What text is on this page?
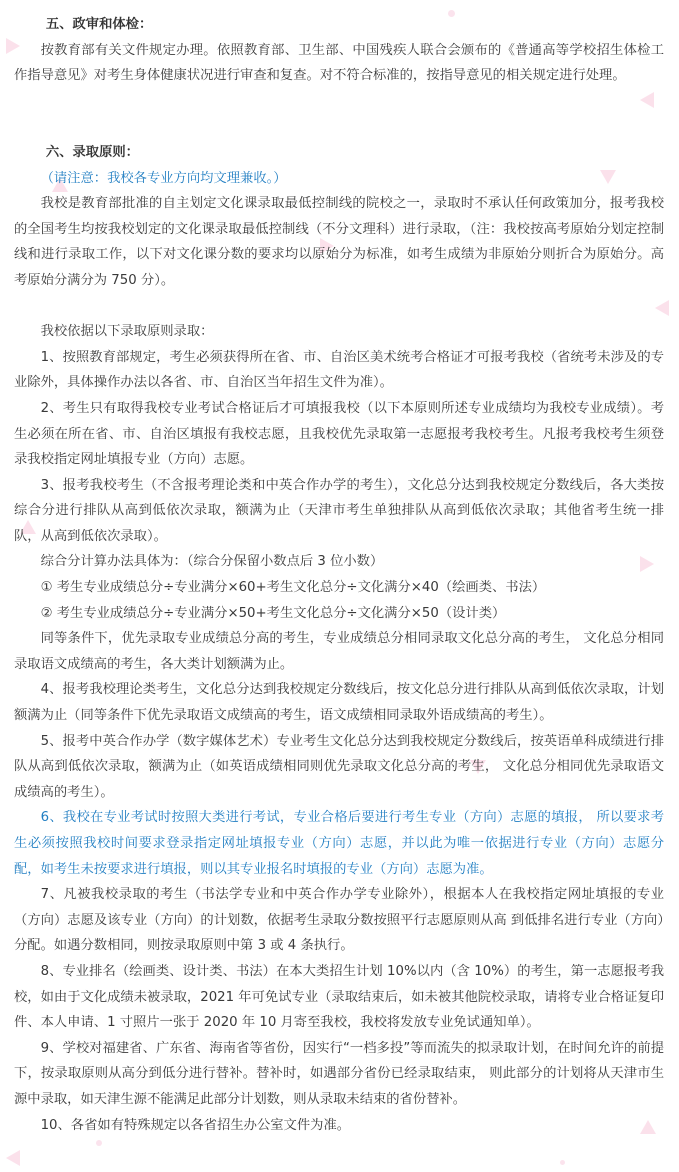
五、政审和体检：

按教育部有关文件规定办理。依照教育部、卫生部、中国残疾人联合会颁布的《普通高等学校招生体检工作指导意见》对考生身体健康状况进行审查和复查。对不符合标准的，按指导意见的相关规定进行处理。

六、录取原则：

（请注意：我校各专业方向均文理兼收。）

我校是教育部批准的自主划定文化课录取最低控制线的院校之一，录取时不承认任何政策加分，报考我校的全国考生均按我校划定的文化课录取最低控制线（不分文理科）进行录取，（注：我校按高考原始分划定控制线和进行录取工作，以下对文化课分数的要求均以原始分为标准，如考生成绩为非原始分则折合为原始分。高考原始分满分为 750 分）。

我校依据以下录取原则录取：

1、按照教育部规定，考生必须获得所在省、市、自治区美术统考合格证才可报考我校（省统考未涉及的专业除外，具体操作办法以各省、市、自治区当年招生文件为准）。

2、考生只有取得我校专业考试合格证后才可填报我校（以下本原则所述专业成绩均为我校专业成绩）。考生必须在所在省、市、自治区填报有我校志愿，且我校优先录取第一志愿报考我校考生。凡报考我校考生须登录我校指定网址填报专业（方向）志愿。

3、报考我校考生（不含报考理论类和中英合作办学的考生），文化总分达到我校规定分数线后，各大类按综合分进行排队从高到低依次录取，额满为止（天津市考生单独排队从高到低依次录取；其他省考生统一排队，从高到低依次录取）。

综合分计算办法具体为：（综合分保留小数点后 3 位小数）

① 考生专业成绩总分÷专业满分×60+考生文化总分÷文化满分×40（绘画类、书法）

② 考生专业成绩总分÷专业满分×50+考生文化总分÷文化满分×50（设计类）

同等条件下，优先录取专业成绩总分高的考生，专业成绩总分相同录取文化总分高的考生， 文化总分相同录取语文成绩高的考生，各大类计划额满为止。

4、报考我校理论类考生，文化总分达到我校规定分数线后，按文化总分进行排队从高到低依次录取，计划额满为止（同等条件下优先录取语文成绩高的考生，语文成绩相同录取外语成绩高的考生）。

5、报考中英合作办学（数字媒体艺术）专业考生文化总分达到我校规定分数线后，按英语单科成绩进行排队从高到低依次录取，额满为止（如英语成绩相同则优先录取文化总分高的考生， 文化总分相同优先录取语文成绩高的考生）。

6、我校在专业考试时按照大类进行考试，专业合格后要进行考生专业（方向）志愿的填报， 所以要求考生必须按照我校时间要求登录指定网址填报专业（方向）志愿，并以此为唯一依据进行专业（方向）志愿分配，如考生未按要求进行填报，则以其专业报名时填报的专业（方向）志愿为准。

7、凡被我校录取的考生（书法学专业和中英合作办学专业除外），根据本人在我校指定网址填报的专业（方向）志愿及该专业（方向）的计划数，依据考生录取分数按照平行志愿原则从高 到低排名进行专业（方向）分配。如遇分数相同，则按录取原则中第 3 或 4 条执行。

8、专业排名（绘画类、设计类、书法）在本大类招生计划 10%以内（含 10%）的考生，第一志愿报考我校，如由于文化成绩未被录取，2021 年可免试专业（录取结束后，如未被其他院校录取，请将专业合格证复印件、本人申请、1 寸照片一张于 2020 年 10 月寄至我校，我校将发放专业免试通知单）。

9、学校对福建省、广东省、海南省等省份，因实行“一档多投”等而流失的拟录取计划，在时间允许的前提下，按录取原则从高分到低分进行替补。替补时，如遇部分省份已经录取结束， 则此部分的计划将从天津市生源中录取，如天津生源不能满足此部分计划数，则从录取未结束的省份替补。

10、各省如有特殊规定以各省招生办公室文件为准。
